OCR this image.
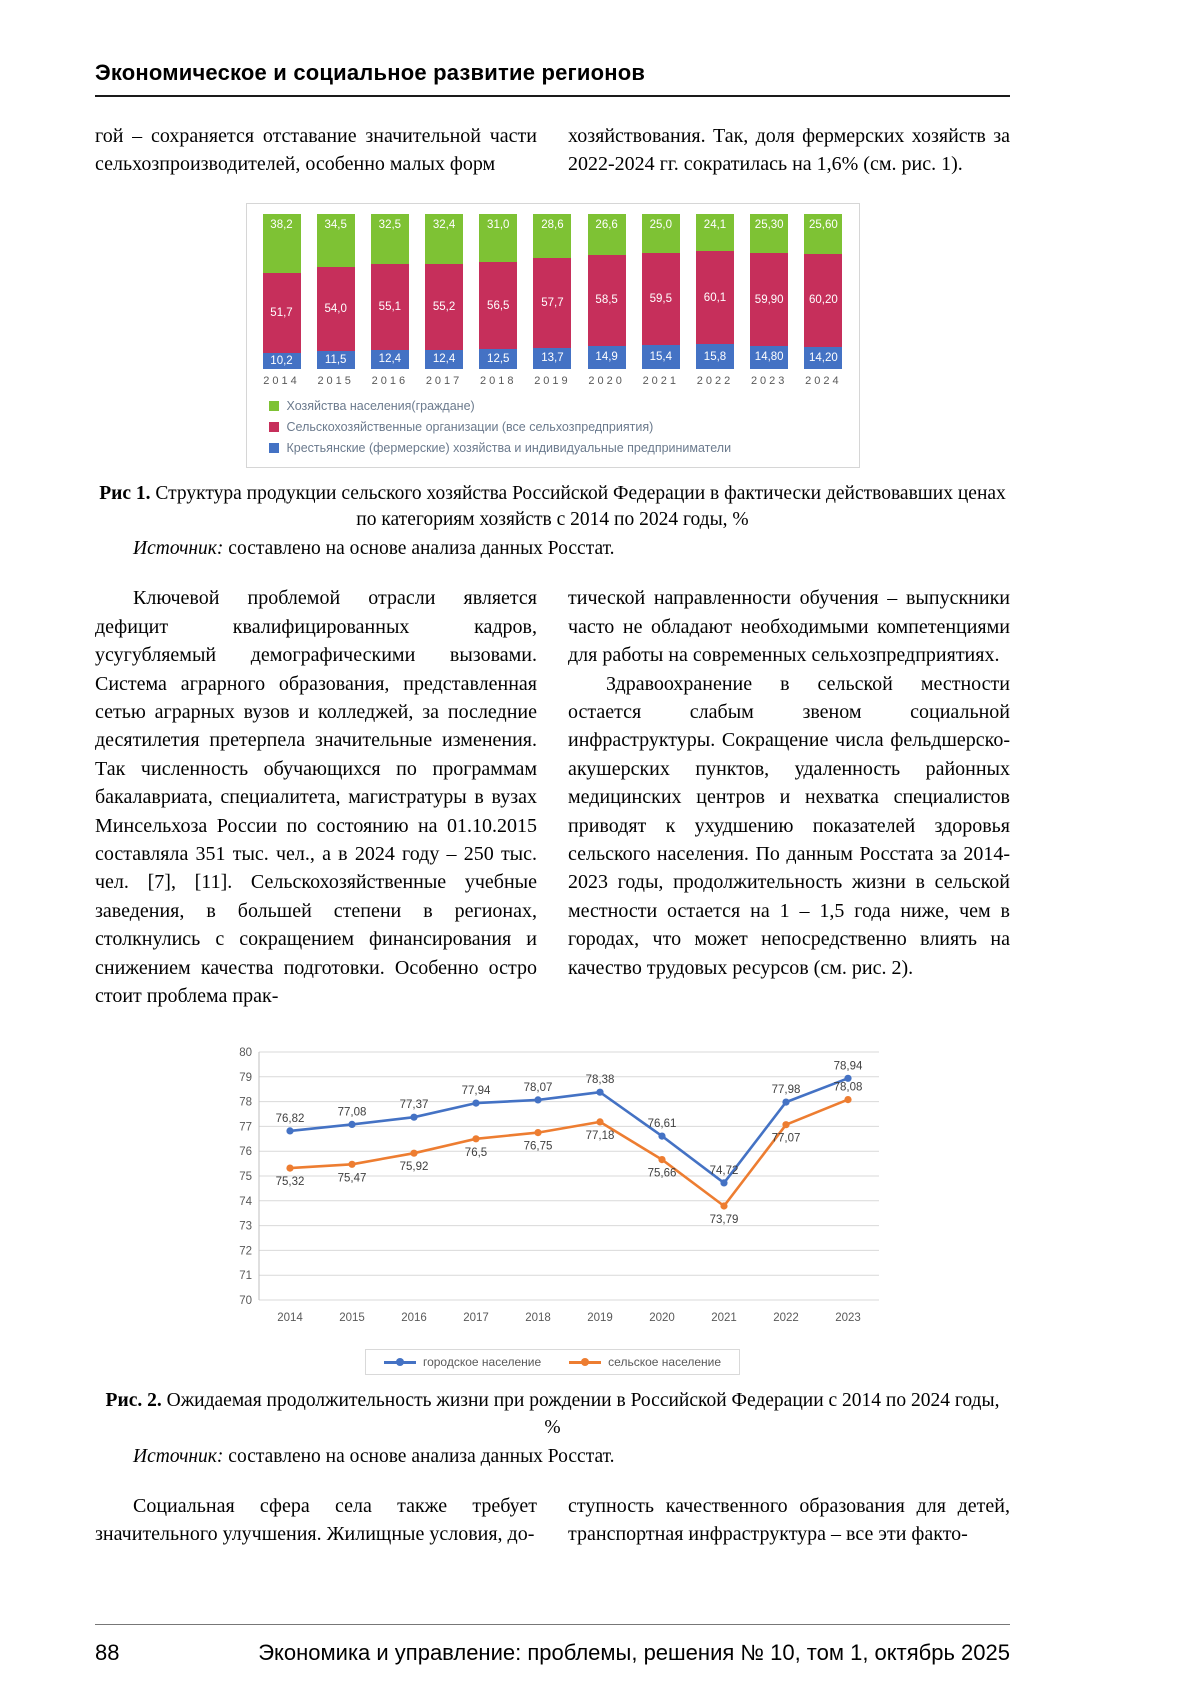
Экономическое и социальное развитие регионов

гой – сохраняется отставание значительной части сельхозпроизводителей, особенно малых форм

хозяйствования. Так, доля фермерских хозяйств за 2022-2024 гг. сократилась на 1,6% (см. рис. 1).

38,2
51,7
10,2
2014
34,5
54,0
11,5
2015
32,5
55,1
12,4
2016
32,4
55,2
12,4
2017
31,0
56,5
12,5
2018
28,6
57,7
13,7
2019
26,6
58,5
14,9
2020
25,0
59,5
15,4
2021
24,1
60,1
15,8
2022
25,30
59,90
14,80
2023
25,60
60,20
14,20
2024
Хозяйства населения(граждане)
Сельскохозяйственные организации (все сельхозпредприятия)
Крестьянские (фермерские) хозяйства и индивидуальные предприниматели
Рис 1. Структура продукции сельского хозяйства Российской Федерации в фактически действовавших ценах по категориям хозяйств с 2014 по 2024 годы, %
Источник: составлено на основе анализа данных Росстат.

Ключевой проблемой отрасли является дефицит квалифицированных кадров, усугубляемый демографическими вызовами. Система аграрного образования, представленная сетью аграрных вузов и колледжей, за последние десятилетия претерпела значительные изменения. Так численность обучающихся по программам бакалавриата, специалитета, магистратуры в вузах Минсельхоза России по состоянию на 01.10.2015 составляла 351 тыс. чел., а в 2024 году – 250 тыс. чел. [7], [11]. Сельскохозяйственные учебные заведения, в большей степени в регионах, столкнулись с сокращением финансирования и снижением качества подготовки. Особенно остро стоит проблема прак-

тической направленности обучения – выпускники часто не обладают необходимыми компетенциями для работы на современных сельхозпредприятиях.

Здравоохранение в сельской местности остается слабым звеном социальной инфраструктуры. Сокращение числа фельдшерско-акушерских пунктов, удаленность районных медицинских центров и нехватка специалистов приводят к ухудшению показателей здоровья сельского населения. По данным Росстата за 2014-2023 годы, продолжительность жизни в сельской местности остается на 1 – 1,5 года ниже, чем в городах, что может непосредственно влиять на качество трудовых ресурсов (см. рис. 2).

70
71
72
73
74
75
76
77
78
79
80
2014	2015	2016	2017	2018	2019	2020	2021	2022	2023
76,82
77,08
77,37
77,94	78,07
78,38
76,61
74,72
77,98
78,94
75,32	75,47
75,92
76,5
76,75
77,18
75,66
73,79
77,07
78,08
городское население	сельское население
Рис. 2. Ожидаемая продолжительность жизни при рождении в Российской Федерации с 2014 по 2024 годы, %
Источник: составлено на основе анализа данных Росстат.

Социальная сфера села также требует значительного улучшения. Жилищные условия, до-

ступность качественного образования для детей, транспортная инфраструктура – все эти факто-

88	Экономика и управление: проблемы, решения № 10, том 1, октябрь 2025
